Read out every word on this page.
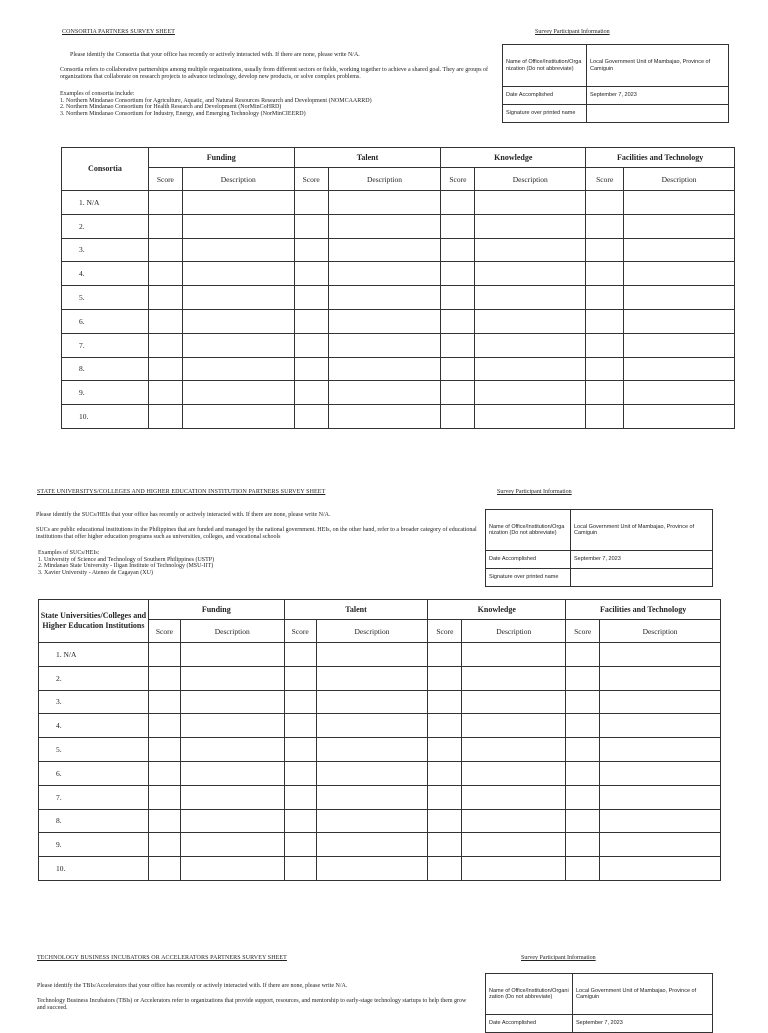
CONSORTIA PARTNERS SURVEY SHEET	Survey Participant Information
Please identify the Consortia that your office has recently or actively interacted with. If there are none, please write N/A.
Consortia refers to collaborative partnerships among multiple organizations, usually from different sectors or fields, working together to achieve a shared goal. They are groups of organizations that collaborate on research projects to advance technology, develop new products, or solve complex problems.

Examples of consortia include:

1. Northern Mindanao Consortium for Agriculture, Aquatic, and Natural Resources Research and Development (NOMCAARRD)

2. Northern Mindanao Consortium for Health Research and Development (NorMinCoHRD)

3. Northern Mindanao Consortium for Industry, Energy, and Emerging Technology (NorMinCIEERD)

Name of Office/Institution/Orga nization (Do not abbreviate)	Local Government Unit of Mambajao, Province of Camiguin
Date Accomplished	September 7, 2023
Signature over printed name	
Consortia	Funding		Talent		Knowledge		Facilities and Technology	
	Score	Description	Score	Description	Score	Description	Score	Description
1. N/A								
2.								
3.								
4.								
5.								
6.								
7.								
8.								
9.								
10.								
STATE UNIVERSITYS/COLLEGES AND HIGHER EDUCATION INSTITUTION PARTNERS SURVEY SHEET	Survey Participant Information
Please identify the SUCs/HEIs that your office has recently or actively interacted with. If there are none, please write N/A.
SUCs are public educational institutions in the Philippines that are funded and managed by the national government. HEIs, on the other hand, refer to a broader category of educational institutions that offer higher education programs such as universities, colleges, and vocational schools

Examples of SUCs/HEIs:

1. University of Science and Technology of Southern Philippines (USTP)

2. Mindanao State University - Iligan Institute of Technology (MSU-IIT)

3. Xavier University - Ateneo de Cagayan (XU)

Name of Office/Institution/Orga nization (Do not abbreviate)	Local Government Unit of Mambajao, Province of Camiguin
Date Accomplished	September 7, 2023
Signature over printed name	
State Universities/Colleges and Higher Education Institutions	Funding		Talent		Knowledge		Facilities and Technology	
	Score	Description	Score	Description	Score	Description	Score	Description
1. N/A								
2.								
3.								
4.								
5.								
6.								
7.								
8.								
9.								
10.								
TECHNOLOGY BUSINESS INCUBATORS OR ACCELERATORS PARTNERS SURVEY SHEET	Survey Participant Information
Please identify the TBIs/Accelerators that your office has recently or actively interacted with. If there are none, please write N/A.
Technology Business Incubators (TBIs) or Accelerators refer to organizations that provide support, resources, and mentorship to early-stage technology startups to help them grow and succeed.
Name of Office/Institution/Organi zation (Do not abbreviate)	Local Government Unit of Mambajao, Province of Camiguin
Date Accomplished	September 7, 2023
